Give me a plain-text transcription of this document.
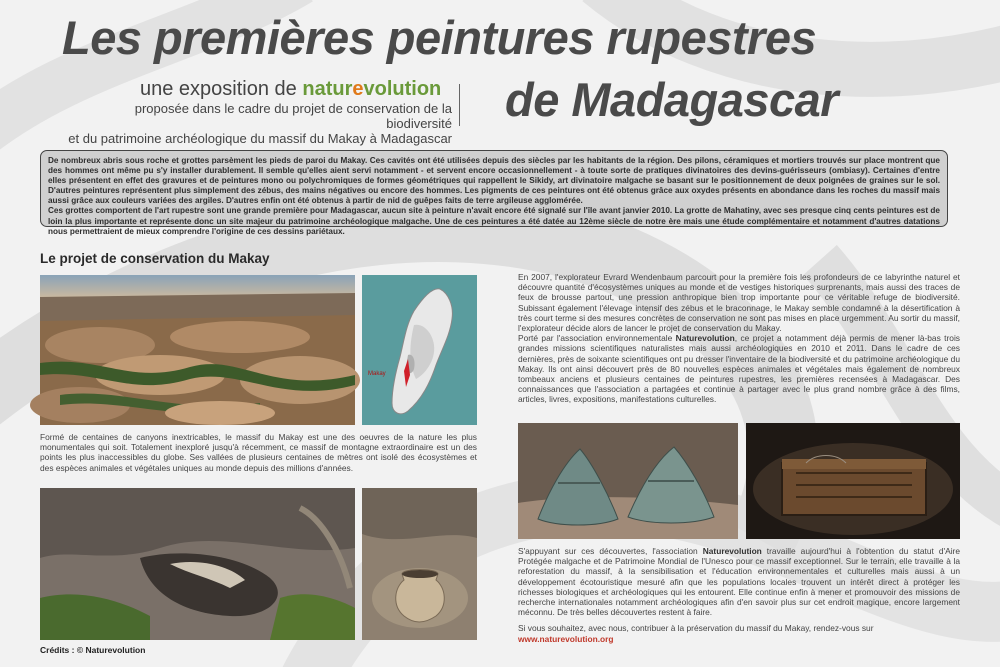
Les premières peintures rupestres
de Madagascar
une exposition de naturevolution
proposée dans le cadre du projet de conservation de la biodiversité
et du patrimoine archéologique du massif du Makay à Madagascar

De nombreux abris sous roche et grottes parsèment les pieds de paroi du Makay. Ces cavités ont été utilisées depuis des siècles par les habitants de la région. Des pilons, céramiques et mortiers trouvés sur place montrent que des hommes ont même pu s'y installer durablement. Il semble qu'elles aient servi notamment - et servent encore occasionnellement - à toute sorte de pratiques divinatoires des devins-guérisseurs (ombiasy). Certaines d'entre elles présentent en effet des gravures et de peintures mono ou polychromiques de formes géométriques qui rappellent le Sikidy, art divinatoire malgache se basant sur le positionnement de deux poignées de graines sur le sol. D'autres peintures représentent plus simplement des zébus, des mains négatives ou encore des hommes. Les pigments de ces peintures ont été obtenus grâce aux oxydes présents en abondance dans les roches du massif mais aussi grâce aux couleurs variées des argiles. D'autres enfin ont été obtenus à partir de nid de guêpes faits de terre argileuse agglomérée.

Ces grottes comportent de l'art rupestre sont une grande première pour Madagascar, aucun site à peinture n'avait encore été signalé sur l'île avant janvier 2010. La grotte de Mahatiny, avec ses presque cinq cents peintures est de loin la plus importante et représente donc un site majeur du patrimoine archéologique malgache. Une de ces peintures a été datée au 12ème siècle de notre ère mais une étude complémentaire et notamment d'autres datations nous permettraient de mieux comprendre l'origine de ces dessins pariétaux.

Le projet de conservation du Makay
Makay

Formé de centaines de canyons inextricables, le massif du Makay est une des oeuvres de la nature les plus monumentales qui soit. Totalement inexploré jusqu'à récemment, ce massif de montagne extraordinaire est un des points les plus inaccessibles du globe. Ses vallées de plusieurs centaines de mètres ont isolé des écosystèmes et des espèces animales et végétales uniques au monde depuis des millions d'années.

Crédits : © Naturevolution

En 2007, l'explorateur Evrard Wendenbaum parcourt pour la première fois les profondeurs de ce labyrinthe naturel et découvre quantité d'écosystèmes uniques au monde et de vestiges historiques surprenants, mais aussi des traces de feux de brousse partout, une pression anthropique bien trop importante pour ce véritable refuge de biodiversité. Subissant également l'élevage intensif des zébus et le braconnage, le Makay semble condamné à la désertification à très court terme si des mesures concrètes de conservation ne sont pas mises en place urgemment. Au sortir du massif, l'explorateur décide alors de lancer le projet de conservation du Makay.

Porté par l'association environnementale Naturevolution, ce projet a notamment déjà permis de mener là-bas trois grandes missions scientifiques naturalistes mais aussi archéologiques en 2010 et 2011. Dans le cadre de ces dernières, près de soixante scientifiques ont pu dresser l'inventaire de la biodiversité et du patrimoine archéologique du Makay. Ils ont ainsi découvert près de 80 nouvelles espèces animales et végétales mais également de nombreux tombeaux anciens et plusieurs centaines de peintures rupestres, les premières recensées à Madagascar. Des connaissances que l'association a partagées et continue à partager avec le plus grand nombre grâce à des films, articles, livres, expositions, manifestations culturelles.

S'appuyant sur ces découvertes, l'association Naturevolution travaille aujourd'hui à l'obtention du statut d'Aire Protégée malgache et de Patrimoine Mondial de l'Unesco pour ce massif exceptionnel. Sur le terrain, elle travaille à la reforestation du massif, à la sensibilisation et l'éducation environnementales et culturelles mais aussi à un développement écotouristique mesuré afin que les populations locales trouvent un intérêt direct à protéger les richesses biologiques et archéologiques qui les entourent. Elle continue enfin à mener et promouvoir des missions de recherche internationales notamment archéologiques afin d'en savoir plus sur cet endroit magique, encore largement méconnu. De très belles découvertes restent à faire.

Si vous souhaitez, avec nous, contribuer à la préservation du massif du Makay, rendez-vous sur

www.naturevolution.org
